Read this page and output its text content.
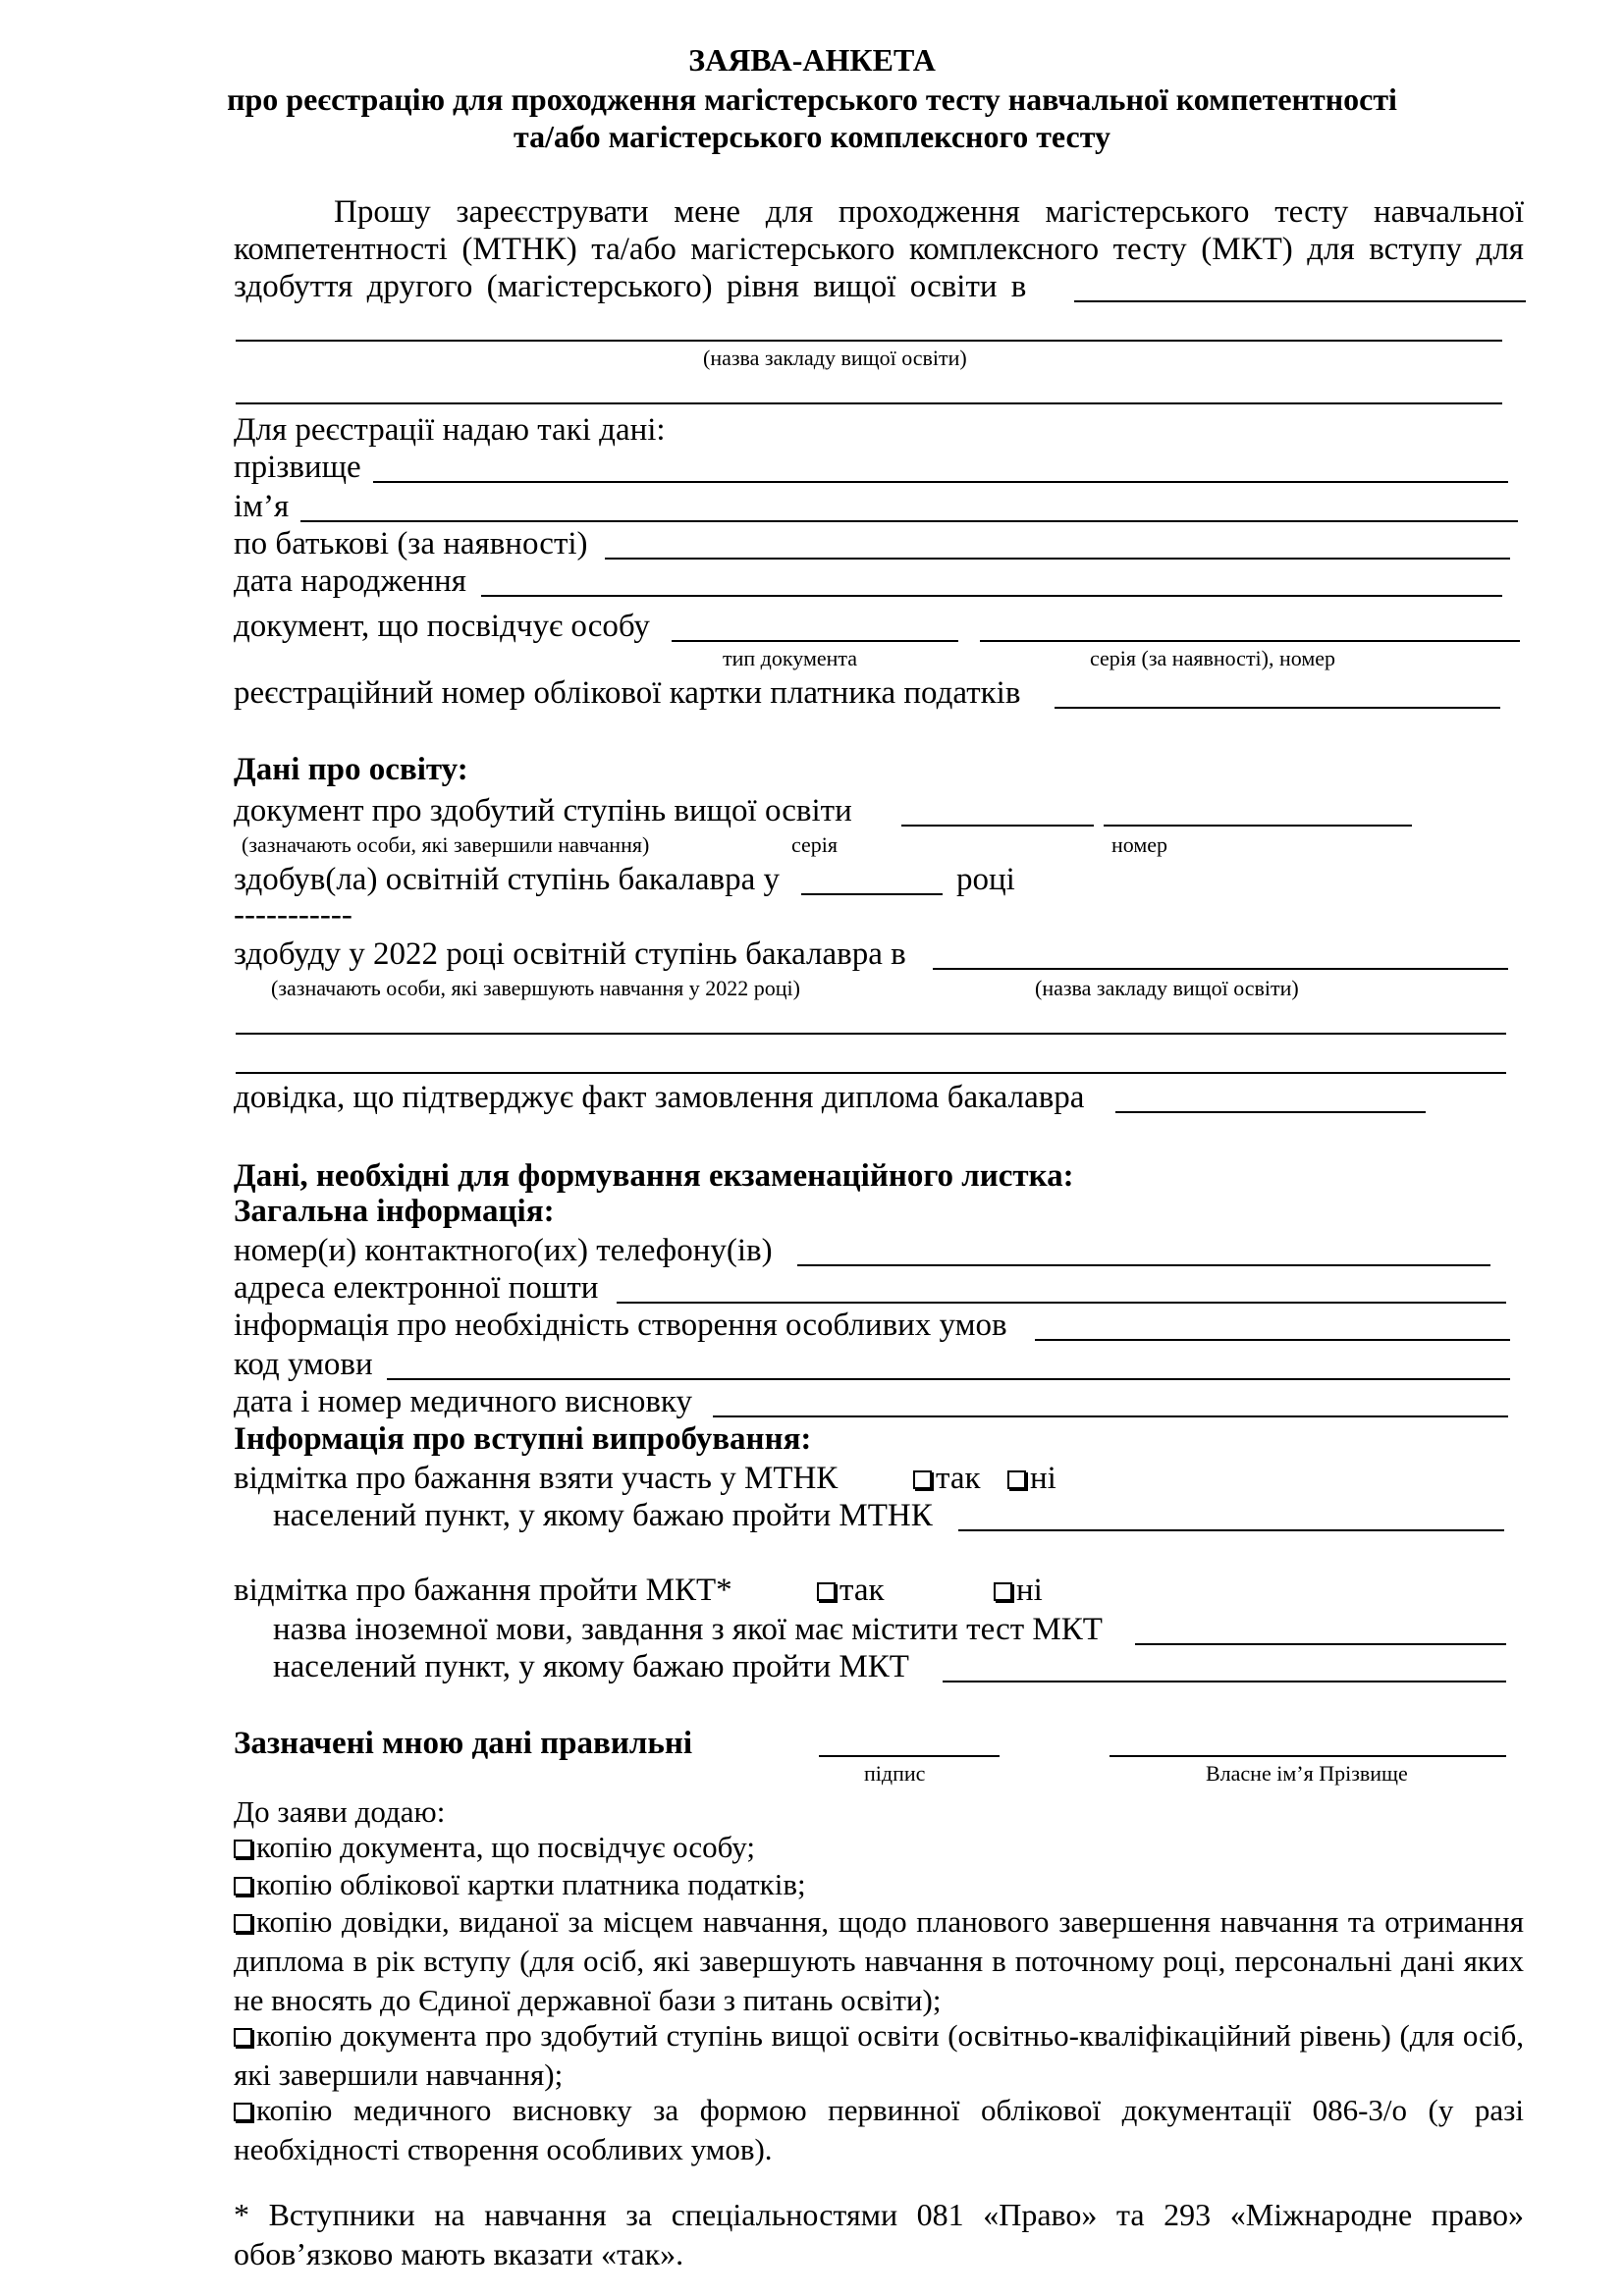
ЗАЯВА-АНКЕТА
про реєстрацію для проходження магістерського тесту навчальної компетентності
та/або магістерського комплексного тесту
Прошу зареєструвати мене для проходження магістерського тесту навчальної
компетентності (МТНК) та/або магістерського комплексного тесту (МКТ) для вступу для
здобуття другого (магістерського) рівня вищої освіти в
(назва закладу вищої освіти)
Для реєстрації надаю такі дані:
прізвище
ім’я
по батькові (за наявності)
дата народження
документ, що посвідчує особу
тип документа	серія (за наявності), номер
реєстраційний номер облікової картки платника податків
Дані про освіту:
документ про здобутий ступінь вищої освіти
(зазначають особи, які завершили навчання)	серія	номер
здобув(ла) освітній ступінь бакалавра у	році
-----------
здобуду у 2022 році освітній ступінь бакалавра в
(зазначають особи, які завершують навчання у 2022 році)	(назва закладу вищої освіти)
довідка, що підтверджує факт замовлення диплома бакалавра
Дані, необхідні для формування екзаменаційного листка:
Загальна інформація:
номер(и) контактного(их) телефону(ів)
адреса електронної пошти
інформація про необхідність створення особливих умов
код умови
дата і номер медичного висновку
Інформація про вступні випробування:
відмітка про бажання взяти участь у МТНК	так	ні
населений пункт, у якому бажаю пройти МТНК
відмітка про бажання пройти МКТ*	так	ні
назва іноземної мови, завдання з якої має містити тест МКТ
населений пункт, у якому бажаю пройти МКТ
Зазначені мною дані правильні
підпис	Власне ім’я Прізвище
До заяви додаю:
копію документа, що посвідчує особу;
копію облікової картки платника податків;
копію довідки, виданої за місцем навчання, щодо планового завершення навчання та отримання диплома в рік вступу (для осіб, які завершують навчання в поточному році, персональні дані яких не вносять до Єдиної державної бази з питань освіти);
копію документа про здобутий ступінь вищої освіти (освітньо-кваліфікаційний рівень) (для осіб, які завершили навчання);
копію медичного висновку за формою первинної облікової документації 086-3/о (у разі необхідності створення особливих умов).
* Вступники на навчання за спеціальностями 081 «Право» та 293 «Міжнародне право» обов’язково мають вказати «так».
